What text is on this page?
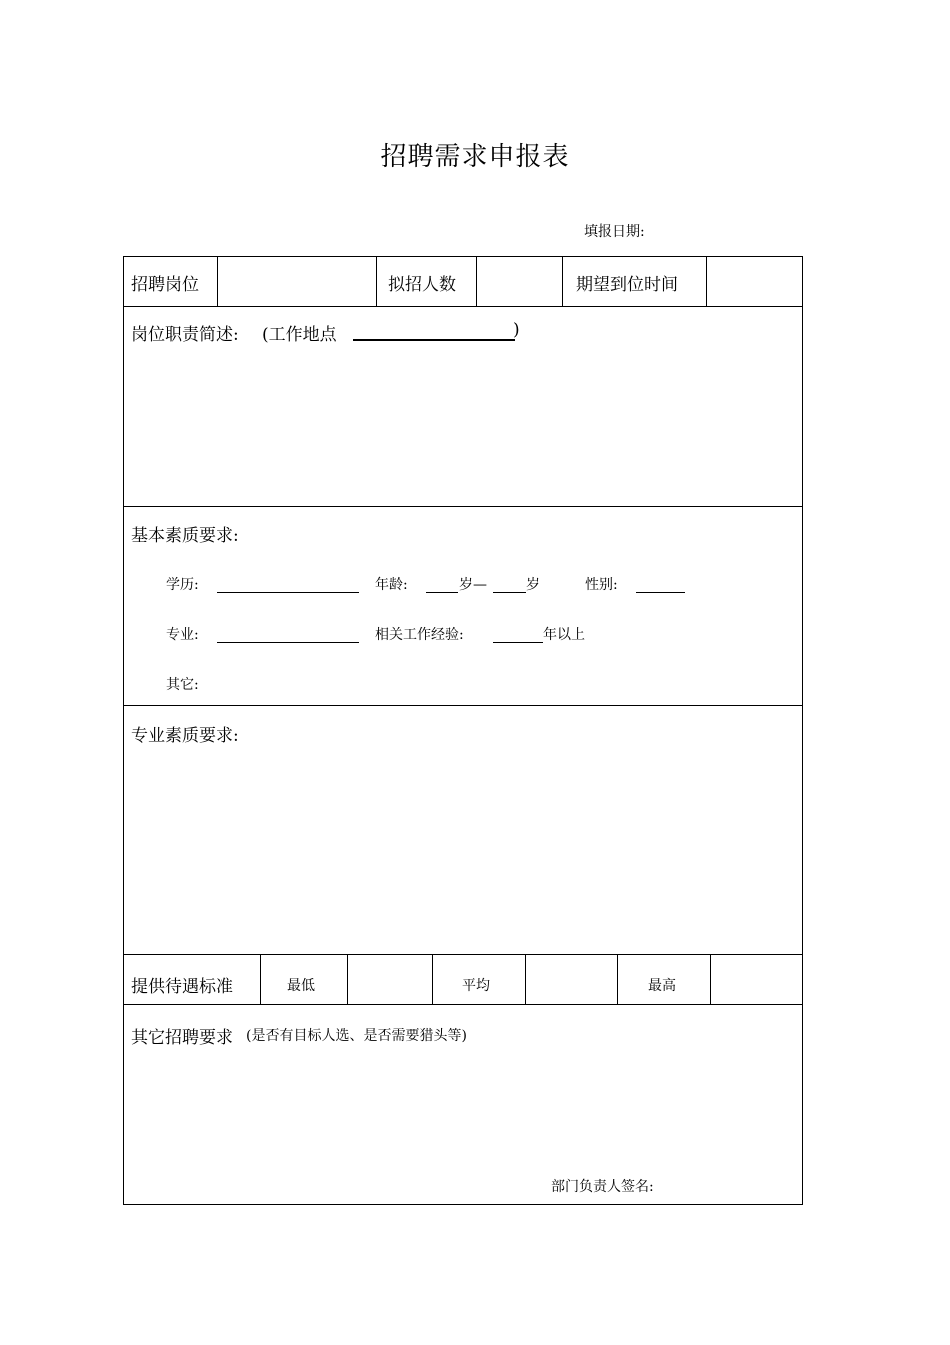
招聘需求申报表
填报日期:
招聘岗位	拟招人数	期望到位时间
岗位职责简述: (工作地点	)
基本素质要求:
学历:	年龄:	岁—	岁	性别:
专业:	相关工作经验:	年以上
其它:
专业素质要求:
提供待遇标准	最低	平均	最高
其它招聘要求 (是否有目标人选、是否需要猎头等)
部门负责人签名:
